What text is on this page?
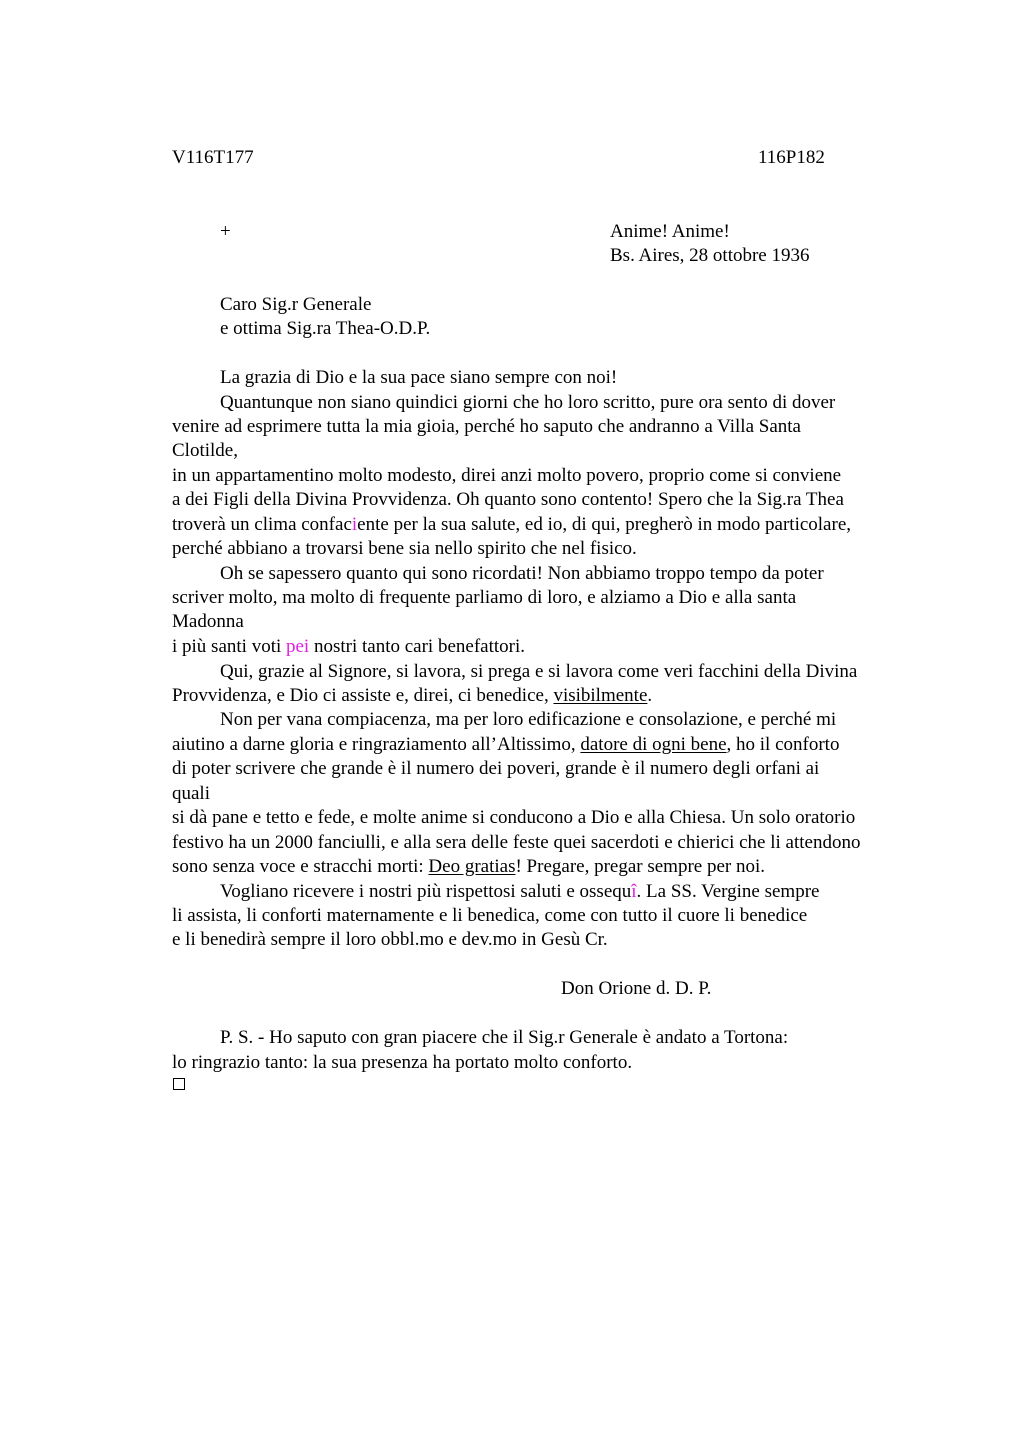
V116T177	116P182
+	Anime! Anime!
Bs. Aires, 28 ottobre 1936
Caro Sig.r Generale
e ottima Sig.ra Thea-O.D.P.
La grazia di Dio e la sua pace siano sempre con noi!
Quantunque non siano quindici giorni che ho loro scritto, pure ora sento di dover
venire ad esprimere tutta la mia gioia, perché ho saputo che andranno a Villa Santa
Clotilde,
in un appartamentino molto modesto, direi anzi molto povero, proprio come si conviene
a dei Figli della Divina Provvidenza. Oh quanto sono contento! Spero che la Sig.ra Thea
troverà un clima confaciente per la sua salute, ed io, di qui, pregherò in modo particolare,
perché abbiano a trovarsi bene sia nello spirito che nel fisico.
Oh se sapessero quanto qui sono ricordati! Non abbiamo troppo tempo da poter
scriver molto, ma molto di frequente parliamo di loro, e alziamo a Dio e alla santa
Madonna
i più santi voti pei nostri tanto cari benefattori.
Qui, grazie al Signore, si lavora, si prega e si lavora come veri facchini della Divina
Provvidenza, e Dio ci assiste e, direi, ci benedice, visibilmente.
Non per vana compiacenza, ma per loro edificazione e consolazione, e perché mi
aiutino a darne gloria e ringraziamento all’Altissimo, datore di ogni bene, ho il conforto
di poter scrivere che grande è il numero dei poveri, grande è il numero degli orfani ai
quali
si dà pane e tetto e fede, e molte anime si conducono a Dio e alla Chiesa. Un solo oratorio
festivo ha un 2000 fanciulli, e alla sera delle feste quei sacerdoti e chierici che li attendono
sono senza voce e stracchi morti: Deo gratias! Pregare, pregar sempre per noi.
Vogliano ricevere i nostri più rispettosi saluti e ossequî. La SS. Vergine sempre
li assista, li conforti maternamente e li benedica, come con tutto il cuore li benedice
e li benedirà sempre il loro obbl.mo e dev.mo in Gesù Cr.
Don Orione d. D. P.
P. S. - Ho saputo con gran piacere che il Sig.r Generale è andato a Tortona:
lo ringrazio tanto: la sua presenza ha portato molto conforto.
